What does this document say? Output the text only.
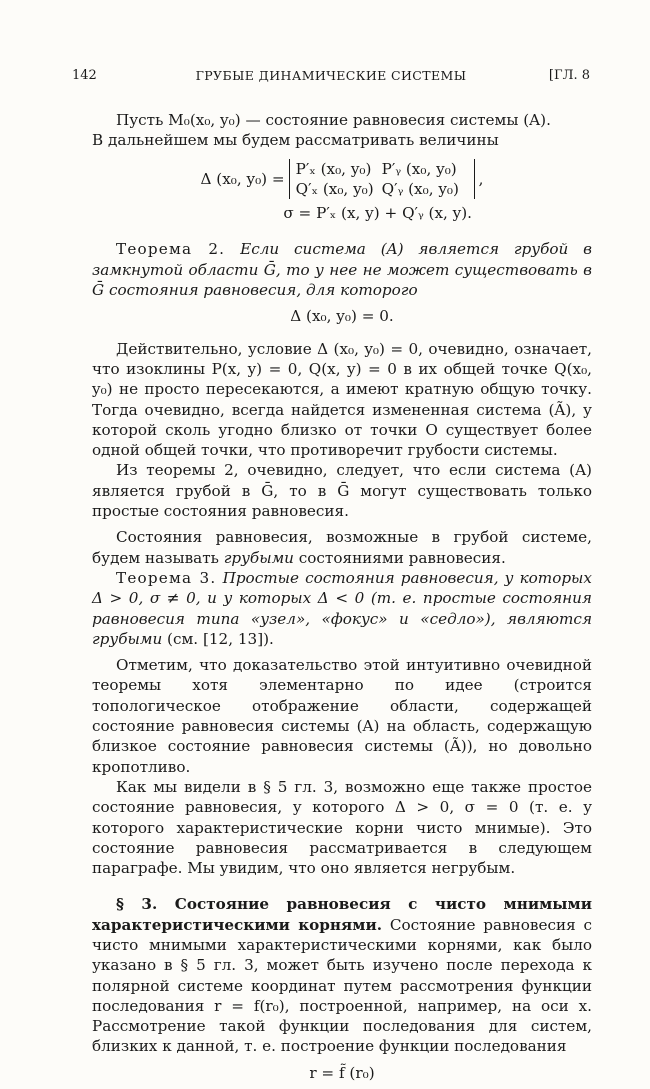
142	ГРУБЫЕ ДИНАМИЧЕСКИЕ СИСТЕМЫ	[ГЛ. 8

Пусть M₀(x₀, y₀) — состояние равновесия системы (A).
В дальнейшем мы будем рассматривать величины

Δ (x₀, y₀) =
P′ₓ (x₀, y₀) P′ᵧ (x₀, y₀)
Q′ₓ (x₀, y₀) Q′ᵧ (x₀, y₀)
,
σ = P′ₓ (x, y) + Q′ᵧ (x, y).

Теорема 2. Если система (A) является грубой в замкнутой области Ḡ, то у нее не может существовать в Ḡ состояния равновесия, для которого

Δ (x₀, y₀) = 0.

Действительно, условие Δ (x₀, y₀) = 0, очевидно, означает, что изоклины P(x, y) = 0, Q(x, y) = 0 в их общей точке Q(x₀, y₀) не просто пересекаются, а имеют кратную общую точку. Тогда очевидно, всегда найдется измененная система (Ã), у которой сколь угодно близко от точки O существует более одной общей точки, что противоречит грубости системы.

Из теоремы 2, очевидно, следует, что если система (A) является грубой в Ḡ, то в Ḡ могут существовать только простые состояния равновесия.

Состояния равновесия, возможные в грубой системе, будем называть грубыми состояниями равновесия.

Теорема 3. Простые состояния равновесия, у которых Δ > 0, σ ≠ 0, и у которых Δ < 0 (т. е. простые состояния равновесия типа «узел», «фокус» и «седло»), являются грубыми (см. [12, 13]).

Отметим, что доказательство этой интуитивно очевидной теоремы хотя элементарно по идее (строится топологическое отображение области, содержащей состояние равновесия системы (A) на область, содержащую близкое состояние равновесия системы (Ã)), но довольно кропотливо.

Как мы видели в § 5 гл. 3, возможно еще также простое состояние равновесия, у которого Δ > 0, σ = 0 (т. е. у которого характеристические корни чисто мнимые). Это состояние равновесия рассматривается в следующем параграфе. Мы увидим, что оно является негрубым.

§ 3. Состояние равновесия с чисто мнимыми характеристическими корнями. Состояние равновесия с чисто мнимыми характеристическими корнями, как было указано в § 5 гл. 3, может быть изучено после перехода к полярной системе координат путем рассмотрения функции последования r = f(r₀), построенной, например, на оси x. Рассмотрение такой функции последования для систем, близких к данной, т. е. построение функции последования

r = f̃ (r₀)
